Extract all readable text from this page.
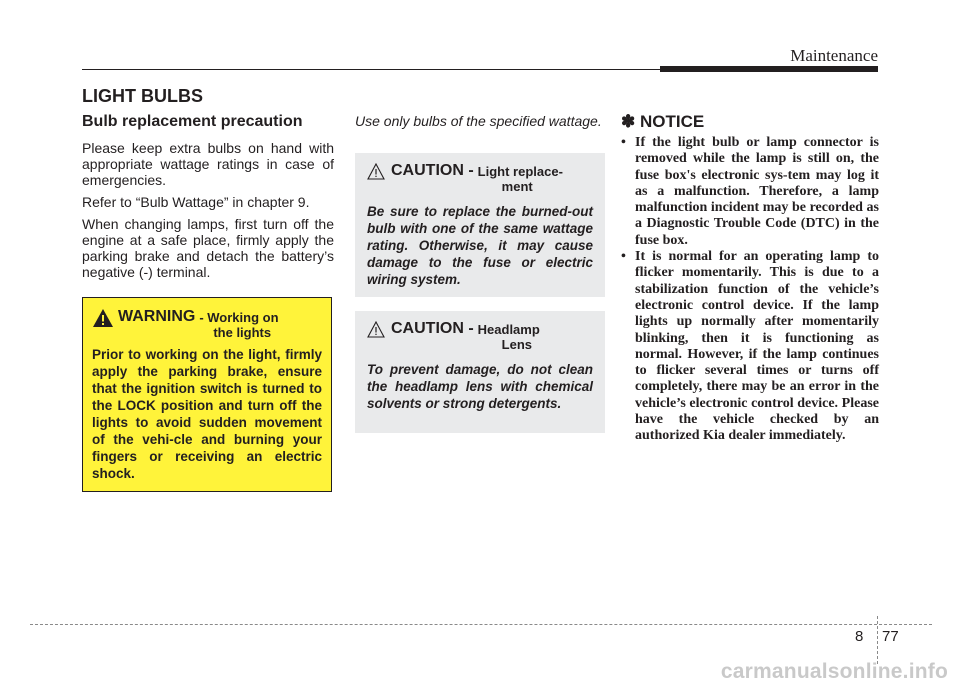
Maintenance
LIGHT BULBS
Bulb replacement precaution

Please keep extra bulbs on hand with appropriate wattage ratings in case of emergencies.

Refer to “Bulb Wattage” in chapter 9.

When changing lamps, first turn off the engine at a safe place, firmly apply the parking brake and detach the battery’s negative (-) terminal.

WARNING - Working on
the lights
Prior to working on the light, firmly apply the parking brake, ensure that the ignition switch is turned to the LOCK position and turn off the lights to avoid sudden movement of the vehi-cle and burning your fingers or receiving an electric shock.
Use only bulbs of the specified wattage.
CAUTION - Light replace-
ment
Be sure to replace the burned-out bulb with one of the same wattage rating. Otherwise, it may cause damage to the fuse or electric wiring system.
CAUTION - Headlamp
Lens
To prevent damage, do not clean the headlamp lens with chemical solvents or strong detergents.
✽ NOTICE
• If the light bulb or lamp connector is removed while the lamp is still on, the fuse box's electronic sys-tem may log it as a malfunction. Therefore, a lamp malfunction incident may be recorded as a Diagnostic Trouble Code (DTC) in the fuse box.
• It is normal for an operating lamp to flicker momentarily. This is due to a stabilization function of the vehicle’s electronic control device. If the lamp lights up normally after momentarily blinking, then it is functioning as normal. However, if the lamp continues to flicker several times or turns off completely, there may be an error in the vehicle’s electronic control device. Please have the vehicle checked by an authorized Kia dealer immediately.
8 77
carmanualsonline.info
